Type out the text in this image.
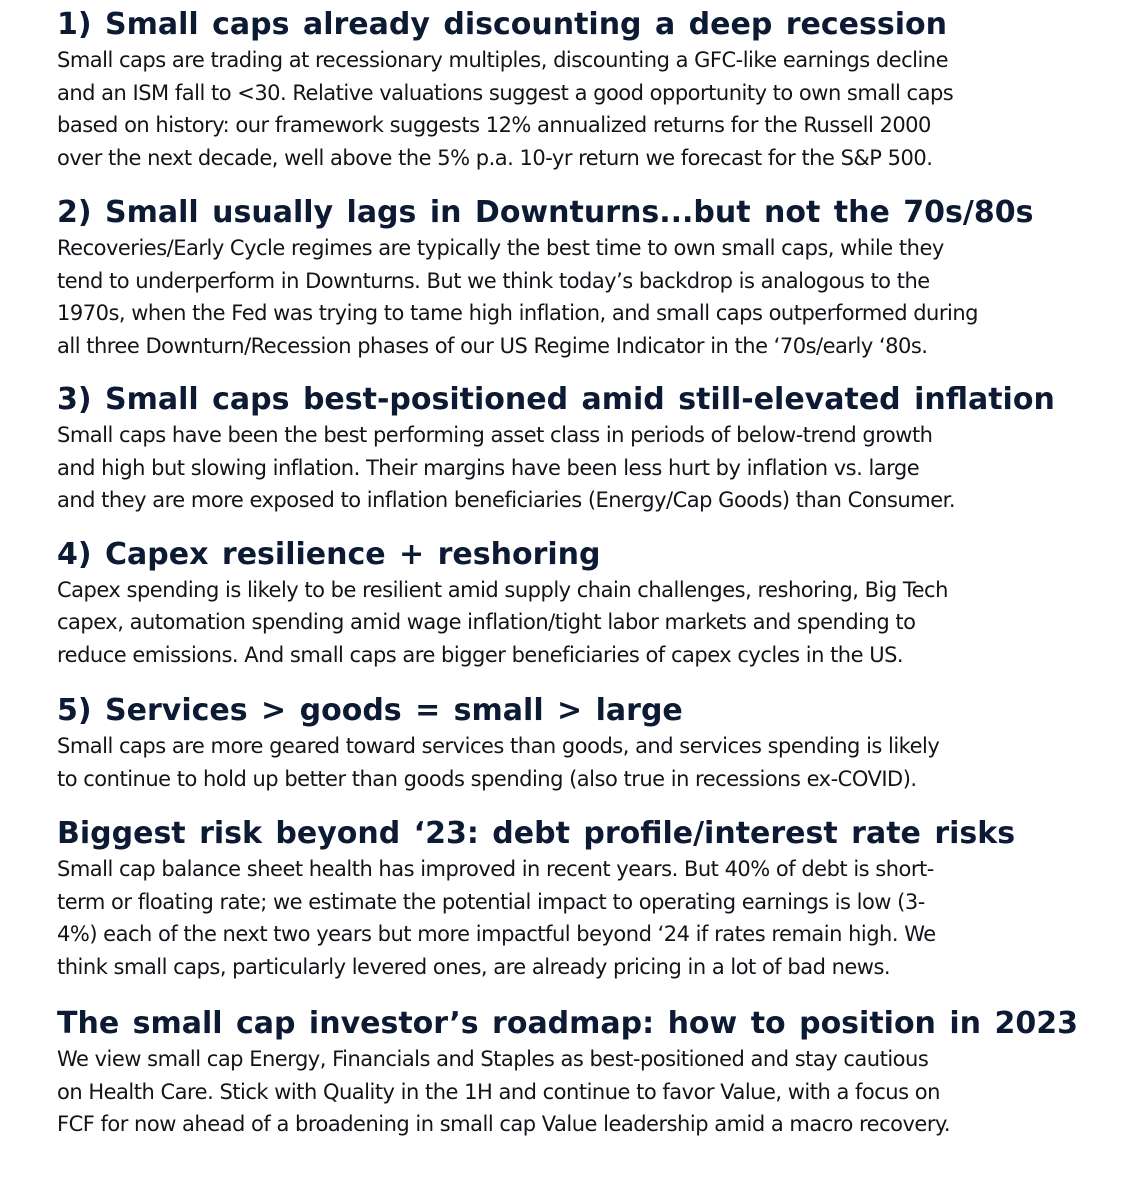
1) Small caps already discounting a deep recession

Small caps are trading at recessionary multiples, discounting a GFC-like earnings decline
and an ISM fall to <30. Relative valuations suggest a good opportunity to own small caps
based on history: our framework suggests 12% annualized returns for the Russell 2000
over the next decade, well above the 5% p.a. 10-yr return we forecast for the S&P 500.

2) Small usually lags in Downturns...but not the 70s/80s

Recoveries/Early Cycle regimes are typically the best time to own small caps, while they
tend to underperform in Downturns. But we think today’s backdrop is analogous to the
1970s, when the Fed was trying to tame high inflation, and small caps outperformed during
all three Downturn/Recession phases of our US Regime Indicator in the ‘70s/early ‘80s.

3) Small caps best-positioned amid still-elevated inflation

Small caps have been the best performing asset class in periods of below-trend growth
and high but slowing inflation. Their margins have been less hurt by inflation vs. large
and they are more exposed to inflation beneficiaries (Energy/Cap Goods) than Consumer.

4) Capex resilience + reshoring

Capex spending is likely to be resilient amid supply chain challenges, reshoring, Big Tech
capex, automation spending amid wage inflation/tight labor markets and spending to
reduce emissions. And small caps are bigger beneficiaries of capex cycles in the US.

5) Services > goods = small > large

Small caps are more geared toward services than goods, and services spending is likely
to continue to hold up better than goods spending (also true in recessions ex-COVID).

Biggest risk beyond ‘23: debt profile/interest rate risks

Small cap balance sheet health has improved in recent years. But 40% of debt is short-
term or floating rate; we estimate the potential impact to operating earnings is low (3-
4%) each of the next two years but more impactful beyond ‘24 if rates remain high. We
think small caps, particularly levered ones, are already pricing in a lot of bad news.

The small cap investor’s roadmap: how to position in 2023

We view small cap Energy, Financials and Staples as best-positioned and stay cautious
on Health Care. Stick with Quality in the 1H and continue to favor Value, with a focus on
FCF for now ahead of a broadening in small cap Value leadership amid a macro recovery.
